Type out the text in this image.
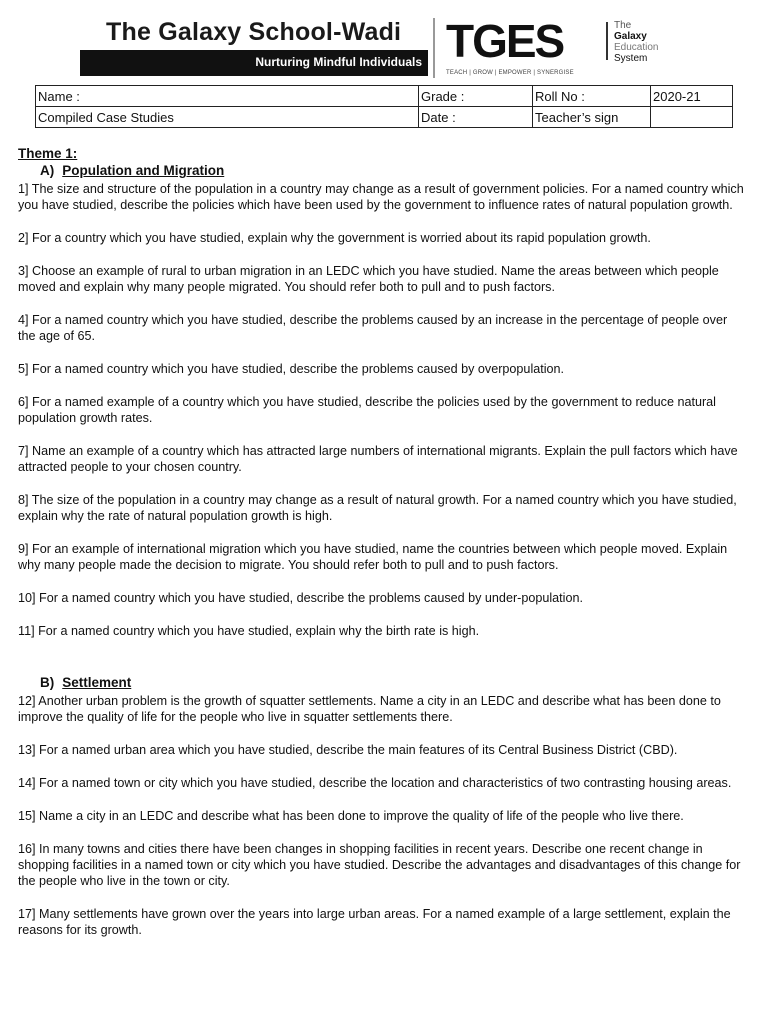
The Galaxy School-Wadi
Nurturing Mindful Individuals TGES	The
Galaxy
Education
System
TEACH | GROW | EMPOWER | SYNERGISE
Name :	Grade :	Roll No :	2020-21
Compiled Case Studies	Date :	Teacher’s sign	

Theme 1:

A) Population and Migration

1] The size and structure of the population in a country may change as a result of government policies. For a named country which you have studied, describe the policies which have been used by the government to influence rates of natural population growth.

2] For a country which you have studied, explain why the government is worried about its rapid population growth.

3] Choose an example of rural to urban migration in an LEDC which you have studied. Name the areas between which people moved and explain why many people migrated. You should refer both to pull and to push factors.

4] For a named country which you have studied, describe the problems caused by an increase in the percentage of people over the age of 65.

5] For a named country which you have studied, describe the problems caused by overpopulation.

6] For a named example of a country which you have studied, describe the policies used by the government to reduce natural population growth rates.

7] Name an example of a country which has attracted large numbers of international migrants. Explain the pull factors which have attracted people to your chosen country.

8] The size of the population in a country may change as a result of natural growth. For a named country which you have studied, explain why the rate of natural population growth is high.

9] For an example of international migration which you have studied, name the countries between which people moved. Explain why many people made the decision to migrate. You should refer both to pull and to push factors.

10] For a named country which you have studied, describe the problems caused by under-population.

11] For a named country which you have studied, explain why the birth rate is high.

B) Settlement

12] Another urban problem is the growth of squatter settlements. Name a city in an LEDC and describe what has been done to improve the quality of life for the people who live in squatter settlements there.

13] For a named urban area which you have studied, describe the main features of its Central Business District (CBD).

14] For a named town or city which you have studied, describe the location and characteristics of two contrasting housing areas.

15] Name a city in an LEDC and describe what has been done to improve the quality of life of the people who live there.

16] In many towns and cities there have been changes in shopping facilities in recent years. Describe one recent change in shopping facilities in a named town or city which you have studied. Describe the advantages and disadvantages of this change for the people who live in the town or city.

17] Many settlements have grown over the years into large urban areas. For a named example of a large settlement, explain the reasons for its growth.
